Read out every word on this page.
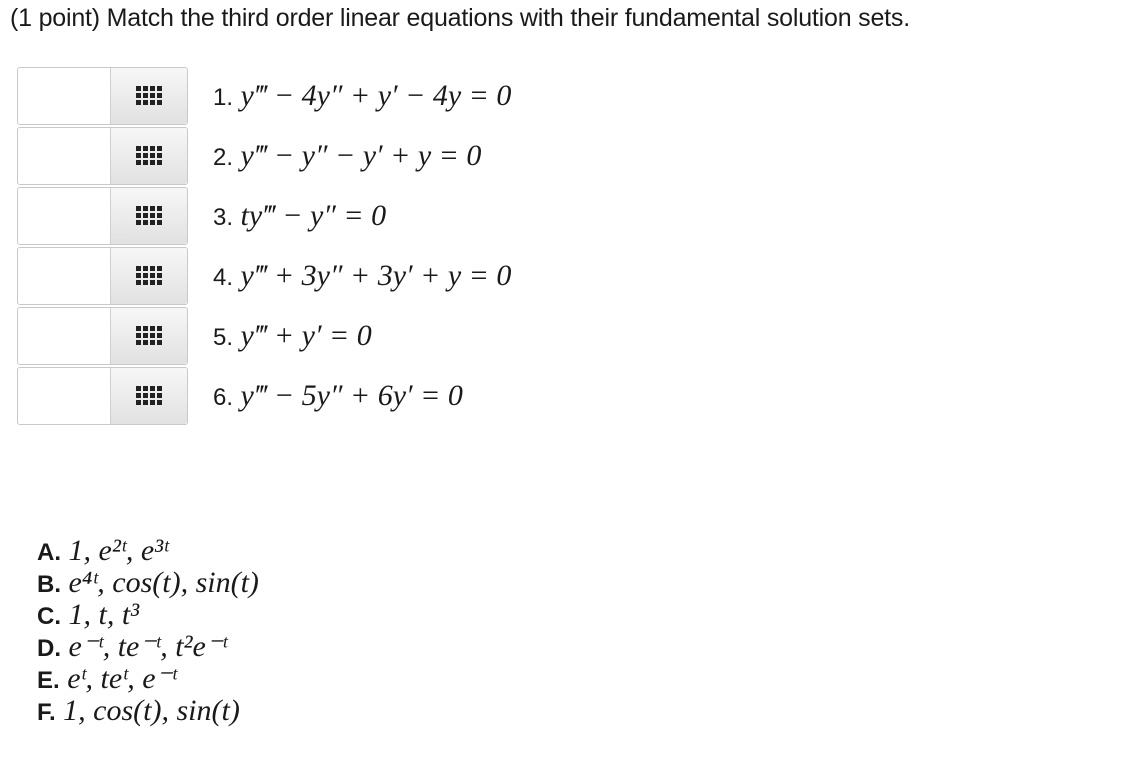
(1 point) Match the third order linear equations with their fundamental solution sets.
1. y‴ − 4y″ + y′ − 4y = 0
2. y‴ − y″ − y′ + y = 0
3. ty‴ − y″ = 0
4. y‴ + 3y″ + 3y′ + y = 0
5. y‴ + y′ = 0
6. y‴ − 5y″ + 6y′ = 0
A. 1, e²ᵗ, e³ᵗ
B. e⁴ᵗ, cos(t), sin(t)
C. 1, t, t³
D. e⁻ᵗ, te⁻ᵗ, t²e⁻ᵗ
E. eᵗ, teᵗ, e⁻ᵗ
F. 1, cos(t), sin(t)
